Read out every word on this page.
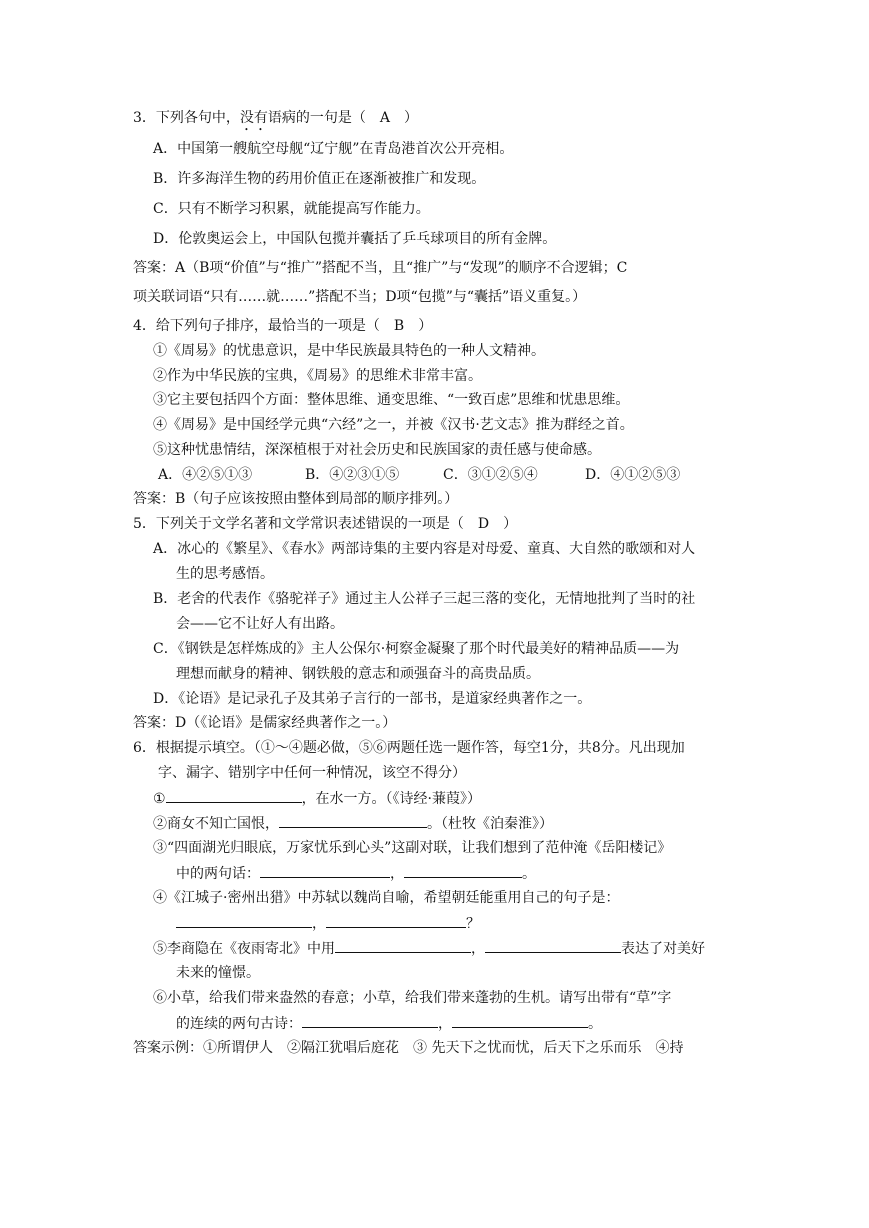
3．下列各句中，没有语病的一句是（　A　）
A．中国第一艘航空母舰“辽宁舰”在青岛港首次公开亮相。
B．许多海洋生物的药用价值正在逐渐被推广和发现。
C．只有不断学习积累，就能提高写作能力。
D．伦敦奥运会上，中国队包揽并囊括了乒乓球项目的所有金牌。
答案：A（B项“价值”与“推广”搭配不当，且“推广”与“发现”的顺序不合逻辑；C
项关联词语“只有……就……”搭配不当；D项“包揽”与“囊括”语义重复。）
4．给下列句子排序，最恰当的一项是（　B　）
①《周易》的忧患意识，是中华民族最具特色的一种人文精神。
②作为中华民族的宝典，《周易》的思维术非常丰富。
③它主要包括四个方面：整体思维、通变思维、“一致百虑”思维和忧患思维。
④《周易》是中国经学元典“六经”之一，并被《汉书·艺文志》推为群经之首。
⑤这种忧患情结，深深植根于对社会历史和民族国家的责任感与使命感。
A．④②⑤①③	B．④②③①⑤	C．③①②⑤④	D．④①②⑤③
答案：B（句子应该按照由整体到局部的顺序排列。）
5．下列关于文学名著和文学常识表述错误的一项是（　D　）
A．冰心的《繁星》、《春水》两部诗集的主要内容是对母爱、童真、大自然的歌颂和对人
生的思考感悟。
B．老舍的代表作《骆驼祥子》通过主人公祥子三起三落的变化，无情地批判了当时的社
会——它不让好人有出路。
C．《钢铁是怎样炼成的》主人公保尔·柯察金凝聚了那个时代最美好的精神品质——为
理想而献身的精神、钢铁般的意志和顽强奋斗的高贵品质。
D．《论语》是记录孔子及其弟子言行的一部书，是道家经典著作之一。
答案：D（《论语》是儒家经典著作之一。）
6．根据提示填空。（①～④题必做，⑤⑥两题任选一题作答，每空1分，共8分。凡出现加
字、漏字、错别字中任何一种情况，该空不得分）
①	，在水一方。（《诗经·蒹葭》）
②商女不知亡国恨，	。（杜牧《泊秦淮》）
③“四面湖光归眼底，万家忧乐到心头”这副对联，让我们想到了范仲淹《岳阳楼记》
中的两句话：	，	。
④《江城子·密州出猎》中苏轼以魏尚自喻，希望朝廷能重用自己的句子是：
，	？
⑤李商隐在《夜雨寄北》中用	，	表达了对美好
未来的憧憬。
⑥小草，给我们带来盎然的春意；小草，给我们带来蓬勃的生机。请写出带有“草”字
的连续的两句古诗：	，	。
答案示例：①所谓伊人　②隔江犹唱后庭花　③ 先天下之忧而忧，后天下之乐而乐　④持
